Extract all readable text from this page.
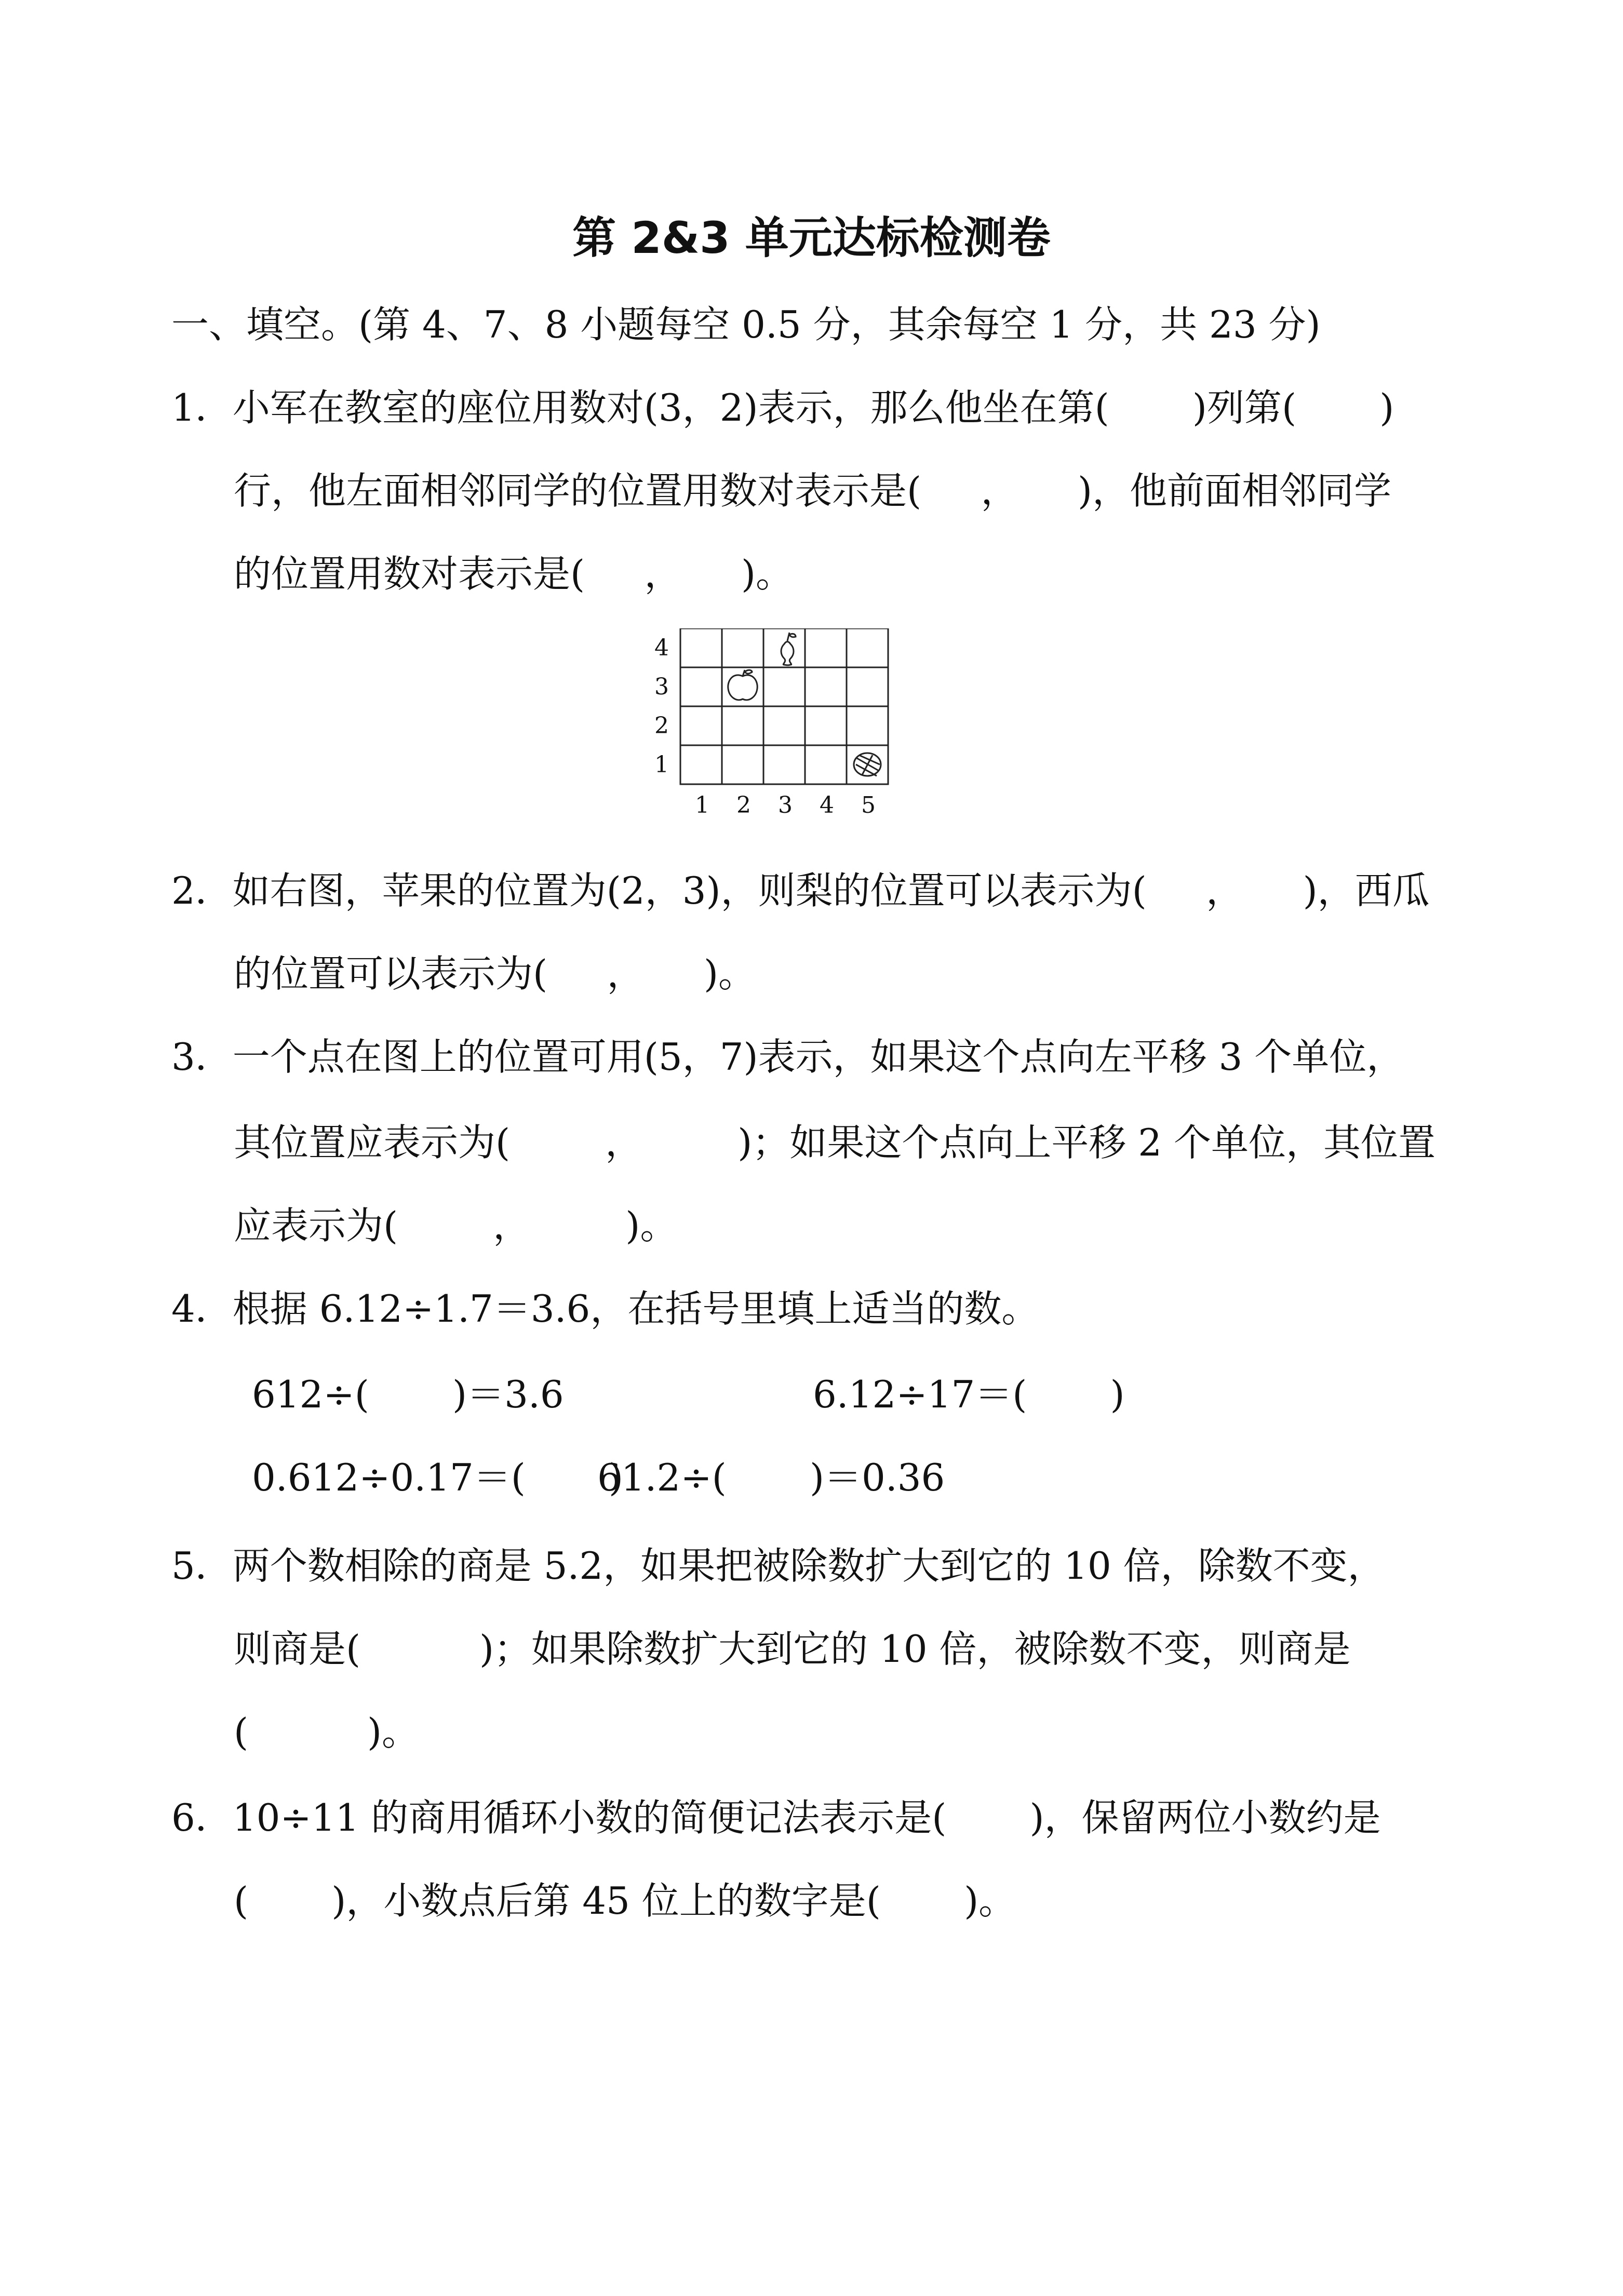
第 2&3 单元达标检测卷
一、填空。(第 4、7、8 小题每空 0.5 分，其余每空 1 分，共 23 分)
1．小军在教室的座位用数对(3，2)表示，那么他坐在第(       )列第(       )
行，他左面相邻同学的位置用数对表示是(     ，     )，他前面相邻同学
的位置用数对表示是(     ，     )。
4
3
2
1
1 2 3 4 5
2．如右图，苹果的位置为(2，3)，则梨的位置可以表示为(     ，     )，西瓜
的位置可以表示为(     ，     )。
3．一个点在图上的位置可用(5，7)表示，如果这个点向左平移 3 个单位，
其位置应表示为(        ，        )；如果这个点向上平移 2 个单位，其位置
应表示为(        ，        )。
4．根据 6.12÷1.7＝3.6，在括号里填上适当的数。
612÷(       )＝3.6	6.12÷17＝(       )
0.612÷0.17＝(       )
61.2÷(       )＝0.36
5．两个数相除的商是 5.2，如果把被除数扩大到它的 10 倍，除数不变，
则商是(          )；如果除数扩大到它的 10 倍，被除数不变，则商是
(          )。
6．10÷11 的商用循环小数的简便记法表示是(       )，保留两位小数约是
(       )，小数点后第 45 位上的数字是(       )。
